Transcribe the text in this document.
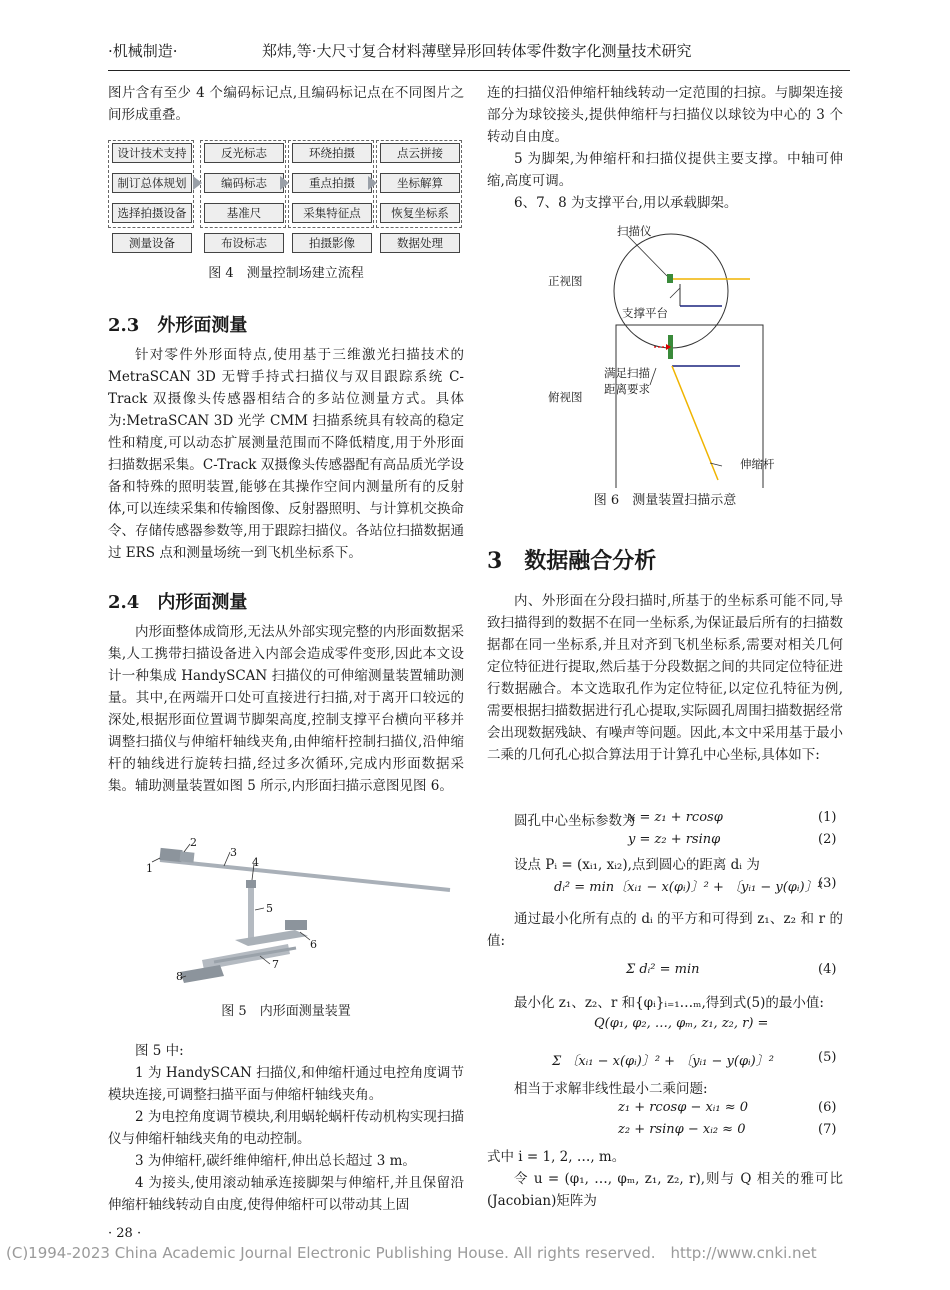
·机械制造·	郑炜,等·大尺寸复合材料薄壁异形回转体零件数字化测量技术研究
图片含有至少 4 个编码标记点,且编码标记点在不同图片之间形成重叠。
设计技术支持
制订总体规划
选择拍摄设备
测量设备
反光标志
编码标志
基准尺
布设标志
环绕拍摄
重点拍摄
采集特征点
拍摄影像
点云拼接
坐标解算
恢复坐标系
数据处理
图 4　测量控制场建立流程
2.3　外形面测量
针对零件外形面特点,使用基于三维激光扫描技术的 MetraSCAN 3D 无臂手持式扫描仪与双目跟踪系统 C-Track 双摄像头传感器相结合的多站位测量方式。具体为:MetraSCAN 3D 光学 CMM 扫描系统具有较高的稳定性和精度,可以动态扩展测量范围而不降低精度,用于外形面扫描数据采集。C-Track 双摄像头传感器配有高品质光学设备和特殊的照明装置,能够在其操作空间内测量所有的反射体,可以连续采集和传输图像、反射器照明、与计算机交换命令、存储传感器参数等,用于跟踪扫描仪。各站位扫描数据通过 ERS 点和测量场统一到飞机坐标系下。
2.4　内形面测量
内形面整体成筒形,无法从外部实现完整的内形面数据采集,人工携带扫描设备进入内部会造成零件变形,因此本文设计一种集成 HandySCAN 扫描仪的可伸缩测量装置辅助测量。其中,在两端开口处可直接进行扫描,对于离开口较远的深处,根据形面位置调节脚架高度,控制支撑平台横向平移并调整扫描仪与伸缩杆轴线夹角,由伸缩杆控制扫描仪,沿伸缩杆的轴线进行旋转扫描,经过多次循环,完成内形面数据采集。辅助测量装置如图 5 所示,内形面扫描示意图见图 6。
1
2
3
4
5
6
7
8
图 5　内形面测量装置
图 5 中:
1 为 HandySCAN 扫描仪,和伸缩杆通过电控角度调节模块连接,可调整扫描平面与伸缩杆轴线夹角。
2 为电控角度调节模块,利用蜗轮蜗杆传动机构实现扫描仪与伸缩杆轴线夹角的电动控制。
3 为伸缩杆,碳纤维伸缩杆,伸出总长超过 3 m。
4 为接头,使用滚动轴承连接脚架与伸缩杆,并且保留沿伸缩杆轴线转动自由度,使得伸缩杆可以带动其上固
· 28 ·
连的扫描仪沿伸缩杆轴线转动一定范围的扫掠。与脚架连接部分为球铰接头,提供伸缩杆与扫描仪以球铰为中心的 3 个转动自由度。
5 为脚架,为伸缩杆和扫描仪提供主要支撑。中轴可伸缩,高度可调。
6、7、8 为支撑平台,用以承载脚架。
扫描仪
正视图
支撑平台
俯视图
满足扫描
距离要求
伸缩杆
图 6　测量装置扫描示意
3　数据融合分析
内、外形面在分段扫描时,所基于的坐标系可能不同,导致扫描得到的数据不在同一坐标系,为保证最后所有的扫描数据都在同一坐标系,并且对齐到飞机坐标系,需要对相关几何定位特征进行提取,然后基于分段数据之间的共同定位特征进行数据融合。本文选取孔作为定位特征,以定位孔特征为例,需要根据扫描数据进行孔心提取,实际圆孔周围扫描数据经常会出现数据残缺、有噪声等问题。因此,本文中采用基于最小二乘的几何孔心拟合算法用于计算孔中心坐标,具体如下:
圆孔中心坐标参数为
x = z₁ + rcosφ	(1)
y = z₂ + rsinφ	(2)
设点 Pᵢ = (xᵢ₁, xᵢ₂),点到圆心的距离 dᵢ 为
dᵢ² = min〔xᵢ₁ − x(φᵢ)〕² + 〔yᵢ₁ − y(φᵢ)〕²
(3)
通过最小化所有点的 dᵢ 的平方和可得到 z₁、z₂ 和 r 的值:
Σ dᵢ² = min	(4)
最小化 z₁、z₂、r 和{φᵢ}ᵢ₌₁…ₘ,得到式(5)的最小值:
Q(φ₁, φ₂, …, φₘ, z₁, z₂, r) =
Σ 〔xᵢ₁ − x(φᵢ)〕² + 〔yᵢ₁ − y(φᵢ)〕²	(5)
相当于求解非线性最小二乘问题:
z₁ + rcosφ − xᵢ₁ ≈ 0	(6)
z₂ + rsinφ − xᵢ₂ ≈ 0	(7)
式中 i = 1, 2, …, m。
令 u = (φ₁, …, φₘ, z₁, z₂, r),则与 Q 相关的雅可比(Jacobian)矩阵为
(C)1994-2023 China Academic Journal Electronic Publishing House. All rights reserved.　http://www.cnki.net
